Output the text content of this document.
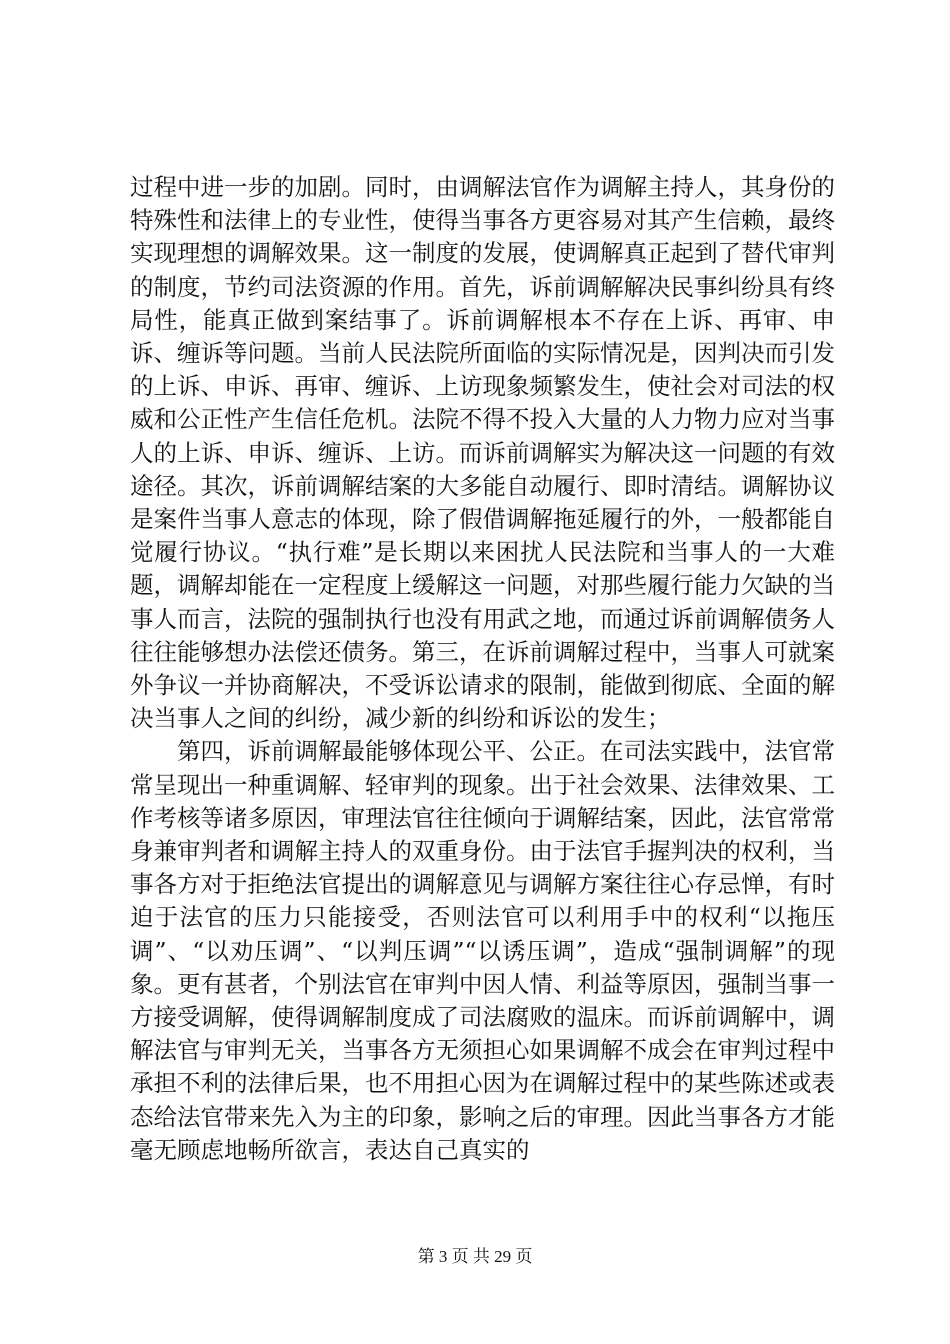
过程中进一步的加剧。同时，由调解法官作为调解主持人，其身份的特殊性和法律上的专业性，使得当事各方更容易对其产生信赖，最终实现理想的调解效果。这一制度的发展，使调解真正起到了替代审判的制度，节约司法资源的作用。首先，诉前调解解决民事纠纷具有终局性，能真正做到案结事了。诉前调解根本不存在上诉、再审、申诉、缠诉等问题。当前人民法院所面临的实际情况是，因判决而引发的上诉、申诉、再审、缠诉、上访现象频繁发生，使社会对司法的权威和公正性产生信任危机。法院不得不投入大量的人力物力应对当事人的上诉、申诉、缠诉、上访。而诉前调解实为解决这一问题的有效途径。其次，诉前调解结案的大多能自动履行、即时清结。调解协议是案件当事人意志的体现，除了假借调解拖延履行的外，一般都能自觉履行协议。“执行难”是长期以来困扰人民法院和当事人的一大难题，调解却能在一定程度上缓解这一问题，对那些履行能力欠缺的当事人而言，法院的强制执行也没有用武之地，而通过诉前调解债务人往往能够想办法偿还债务。第三，在诉前调解过程中，当事人可就案外争议一并协商解决，不受诉讼请求的限制，能做到彻底、全面的解决当事人之间的纠纷，减少新的纠纷和诉讼的发生；

第四，诉前调解最能够体现公平、公正。在司法实践中，法官常常呈现出一种重调解、轻审判的现象。出于社会效果、法律效果、工作考核等诸多原因，审理法官往往倾向于调解结案，因此，法官常常身兼审判者和调解主持人的双重身份。由于法官手握判决的权利，当事各方对于拒绝法官提出的调解意见与调解方案往往心存忌惮，有时迫于法官的压力只能接受，否则法官可以利用手中的权利“以拖压调”、“以劝压调”、“以判压调”“以诱压调”，造成“强制调解”的现象。更有甚者，个别法官在审判中因人情、利益等原因，强制当事一方接受调解，使得调解制度成了司法腐败的温床。而诉前调解中，调解法官与审判无关，当事各方无须担心如果调解不成会在审判过程中承担不利的法律后果，也不用担心因为在调解过程中的某些陈述或表态给法官带来先入为主的印象，影响之后的审理。因此当事各方才能毫无顾虑地畅所欲言，表达自己真实的

第 3 页 共 29 页
